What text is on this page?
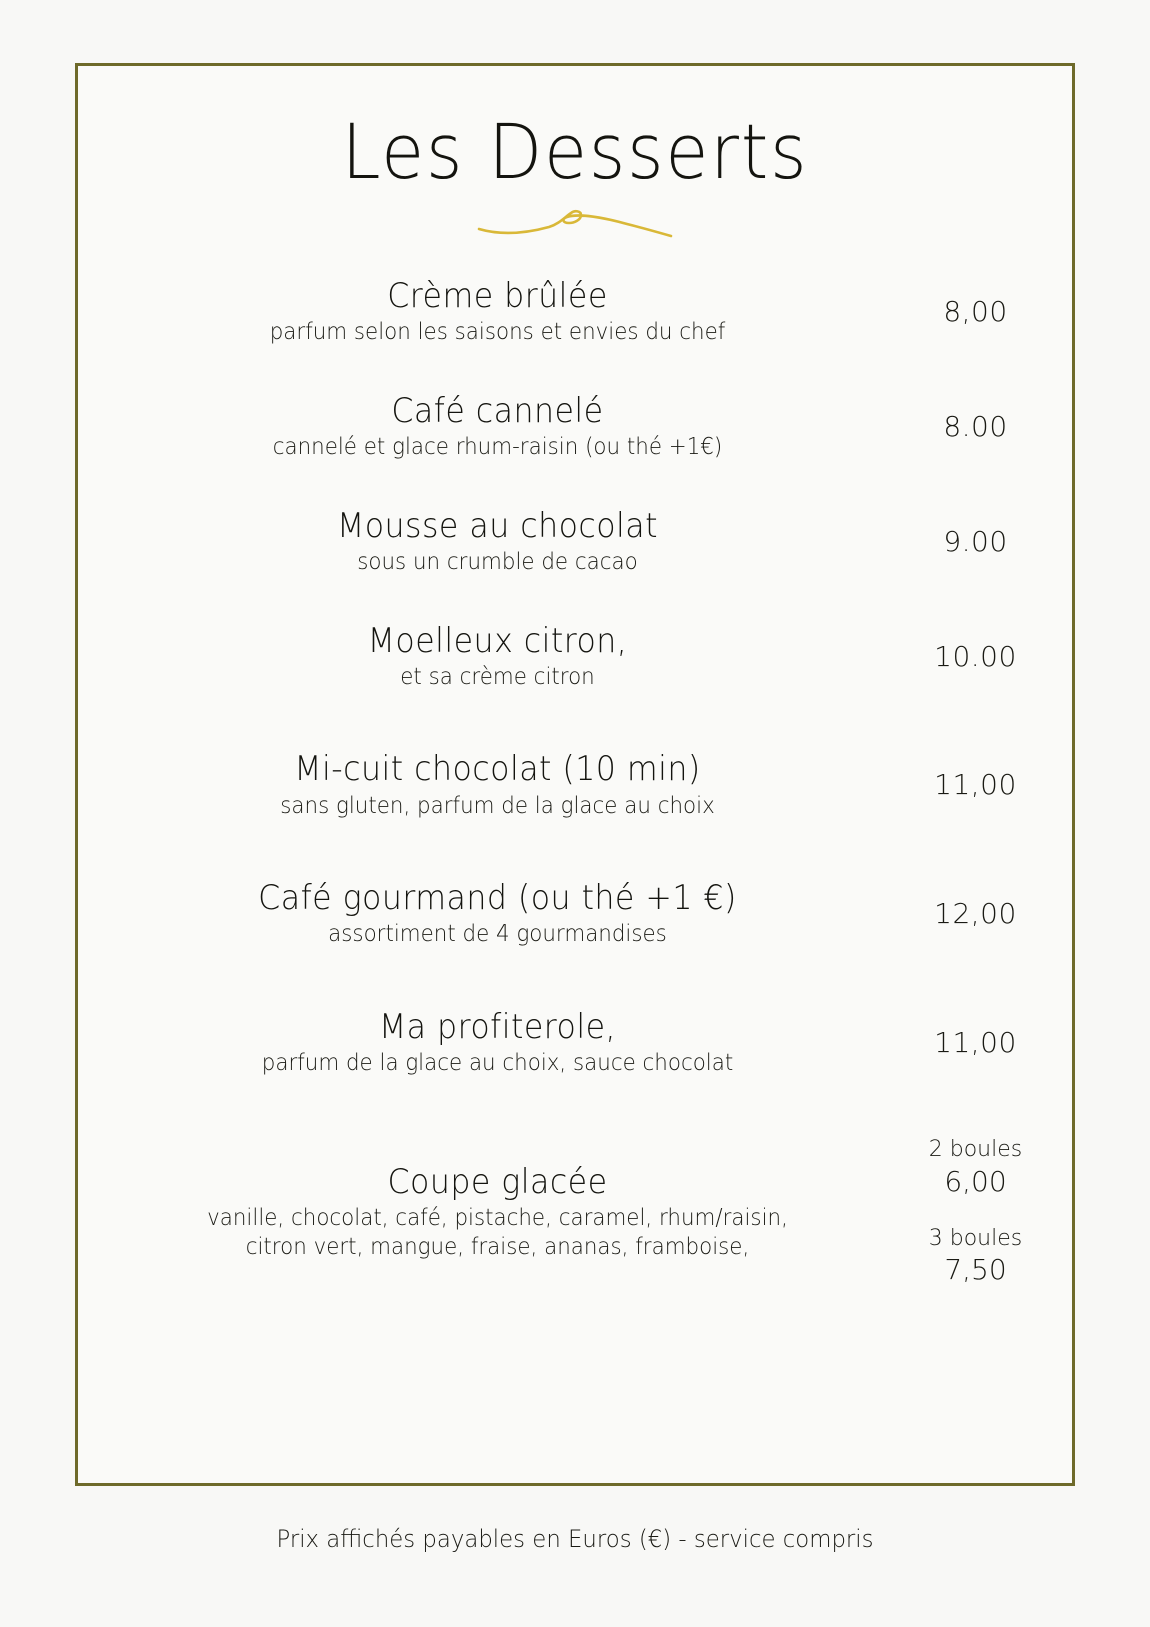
Les Desserts
Crème brûlée
parfum selon les saisons et envies du chef
8,00
Café cannelé
cannelé et glace rhum-raisin (ou thé +1€)
8.00
Mousse au chocolat
sous un crumble de cacao
9.00
Moelleux citron,
et sa crème citron
10.00
Mi-cuit chocolat (10 min)
sans gluten, parfum de la glace au choix
11,00
Café gourmand (ou thé +1 €)
assortiment de 4 gourmandises
12,00
Ma profiterole,
parfum de la glace au choix, sauce chocolat
11,00
Coupe glacée
vanille, chocolat, café, pistache, caramel, rhum/raisin,
citron vert, mangue, fraise, ananas, framboise,
2 boules
6,00
3 boules
7,50
Prix affichés payables en Euros (€) - service compris
